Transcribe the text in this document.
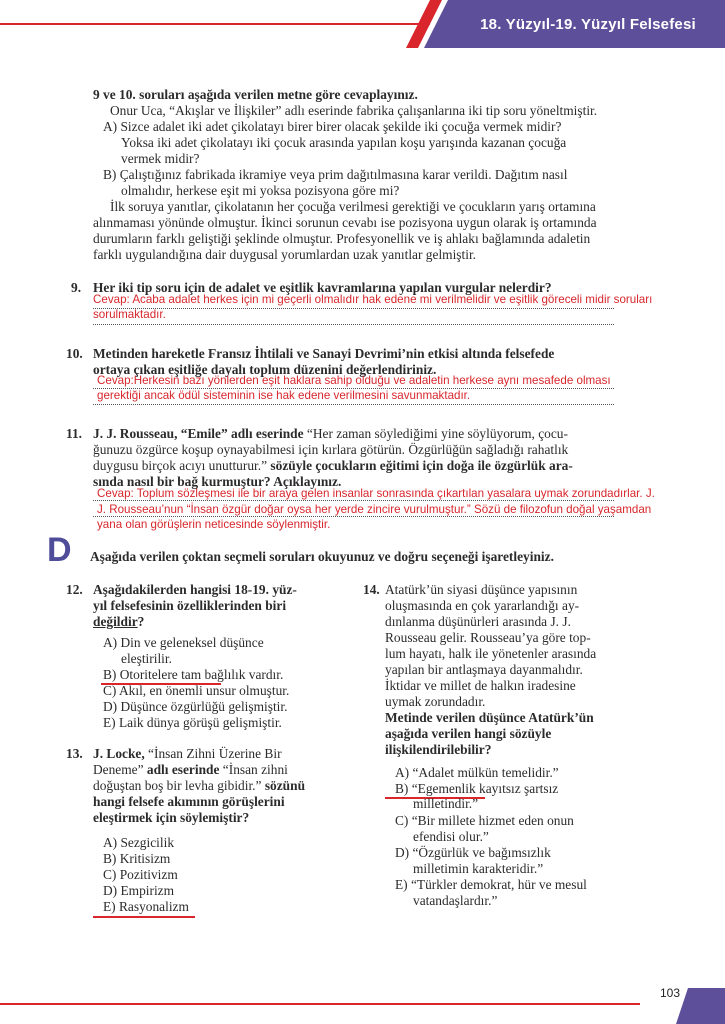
18. Yüzyıl-19. Yüzyıl Felsefesi
9 ve 10. soruları aşağıda verilen metne göre cevaplayınız.
Onur Uca, “Akışlar ve İlişkiler” adlı eserinde fabrika çalışanlarına iki tip soru yöneltmiştir.
A) Sizce adalet iki adet çikolatayı birer birer olacak şekilde iki çocuğa vermek midir?
Yoksa iki adet çikolatayı iki çocuk arasında yapılan koşu yarışında kazanan çocuğa
vermek midir?
B) Çalıştığınız fabrikada ikramiye veya prim dağıtılmasına karar verildi. Dağıtım nasıl
olmalıdır, herkese eşit mi yoksa pozisyona göre mi?
İlk soruya yanıtlar, çikolatanın her çocuğa verilmesi gerektiği ve çocukların yarış ortamına
alınmaması yönünde olmuştur. İkinci sorunun cevabı ise pozisyona uygun olarak iş ortamında
durumların farklı geliştiği şeklinde olmuştur. Profesyonellik ve iş ahlakı bağlamında adaletin
farklı uygulandığına dair duygusal yorumlardan uzak yanıtlar gelmiştir.
9. Her iki tip soru için de adalet ve eşitlik kavramlarına yapılan vurgular nelerdir?
Cevap: Acaba adalet herkes için mi geçerli olmalıdır hak edene mi verilmelidir ve eşitlik göreceli midir soruları
sorulmaktadır.
10. Metinden hareketle Fransız İhtilali ve Sanayi Devrimi’nin etkisi altında felsefede
ortaya çıkan eşitliğe dayalı toplum düzenini değerlendiriniz.
Cevap:Herkesin bazı yönlerden eşit haklara sahip olduğu ve adaletin herkese aynı mesafede olması
gerektiği ancak ödül sisteminin ise hak edene verilmesini savunmaktadır.
11. J. J. Rousseau, “Emile” adlı eserinde “Her zaman söylediğimi yine söylüyorum, çocu-
ğunuzu özgürce koşup oynayabilmesi için kırlara götürün. Özgürlüğün sağladığı rahatlık
duygusu birçok acıyı unutturur.” sözüyle çocukların eğitimi için doğa ile özgürlük ara-
sında nasıl bir bağ kurmuştur? Açıklayınız.
Cevap: Toplum sözleşmesi ile bir araya gelen insanlar sonrasında çıkartılan yasalara uymak zorundadırlar. J.
J. Rousseau’nun “İnsan özgür doğar oysa her yerde zincire vurulmuştur.” Sözü de filozofun doğal yaşamdan
yana olan görüşlerin neticesinde söylenmiştir.
D Aşağıda verilen çoktan seçmeli soruları okuyunuz ve doğru seçeneği işaretleyiniz.
12. Aşağıdakilerden hangisi 18-19. yüz-
yıl felsefesinin özelliklerinden biri
değildir?
A) Din ve geleneksel düşünce
eleştirilir.
B) Otoritelere tam bağlılık vardır.
C) Akıl, en önemli unsur olmuştur.
D) Düşünce özgürlüğü gelişmiştir.
E) Laik dünya görüşü gelişmiştir.
13. J. Locke, “İnsan Zihni Üzerine Bir
Deneme” adlı eserinde “İnsan zihni
doğuştan boş bir levha gibidir.” sözünü
hangi felsefe akımının görüşlerini
eleştirmek için söylemiştir?
A) Sezgicilik
B) Kritisizm
C) Pozitivizm
D) Empirizm
E) Rasyonalizm
14. Atatürk’ün siyasi düşünce yapısının
oluşmasında en çok yararlandığı ay-
dınlanma düşünürleri arasında J. J.
Rousseau gelir. Rousseau’ya göre top-
lum hayatı, halk ile yönetenler arasında
yapılan bir antlaşmaya dayanmalıdır.
İktidar ve millet de halkın iradesine
uymak zorundadır.
Metinde verilen düşünce Atatürk’ün
aşağıda verilen hangi sözüyle
ilişkilendirilebilir?
A) “Adalet mülkün temelidir.”
B) “Egemenlik kayıtsız şartsız
milletindir.”
C) “Bir millete hizmet eden onun
efendisi olur.”
D) “Özgürlük ve bağımsızlık
milletimin karakteridir.”
E) “Türkler demokrat, hür ve mesul
vatandaşlardır.”
103
